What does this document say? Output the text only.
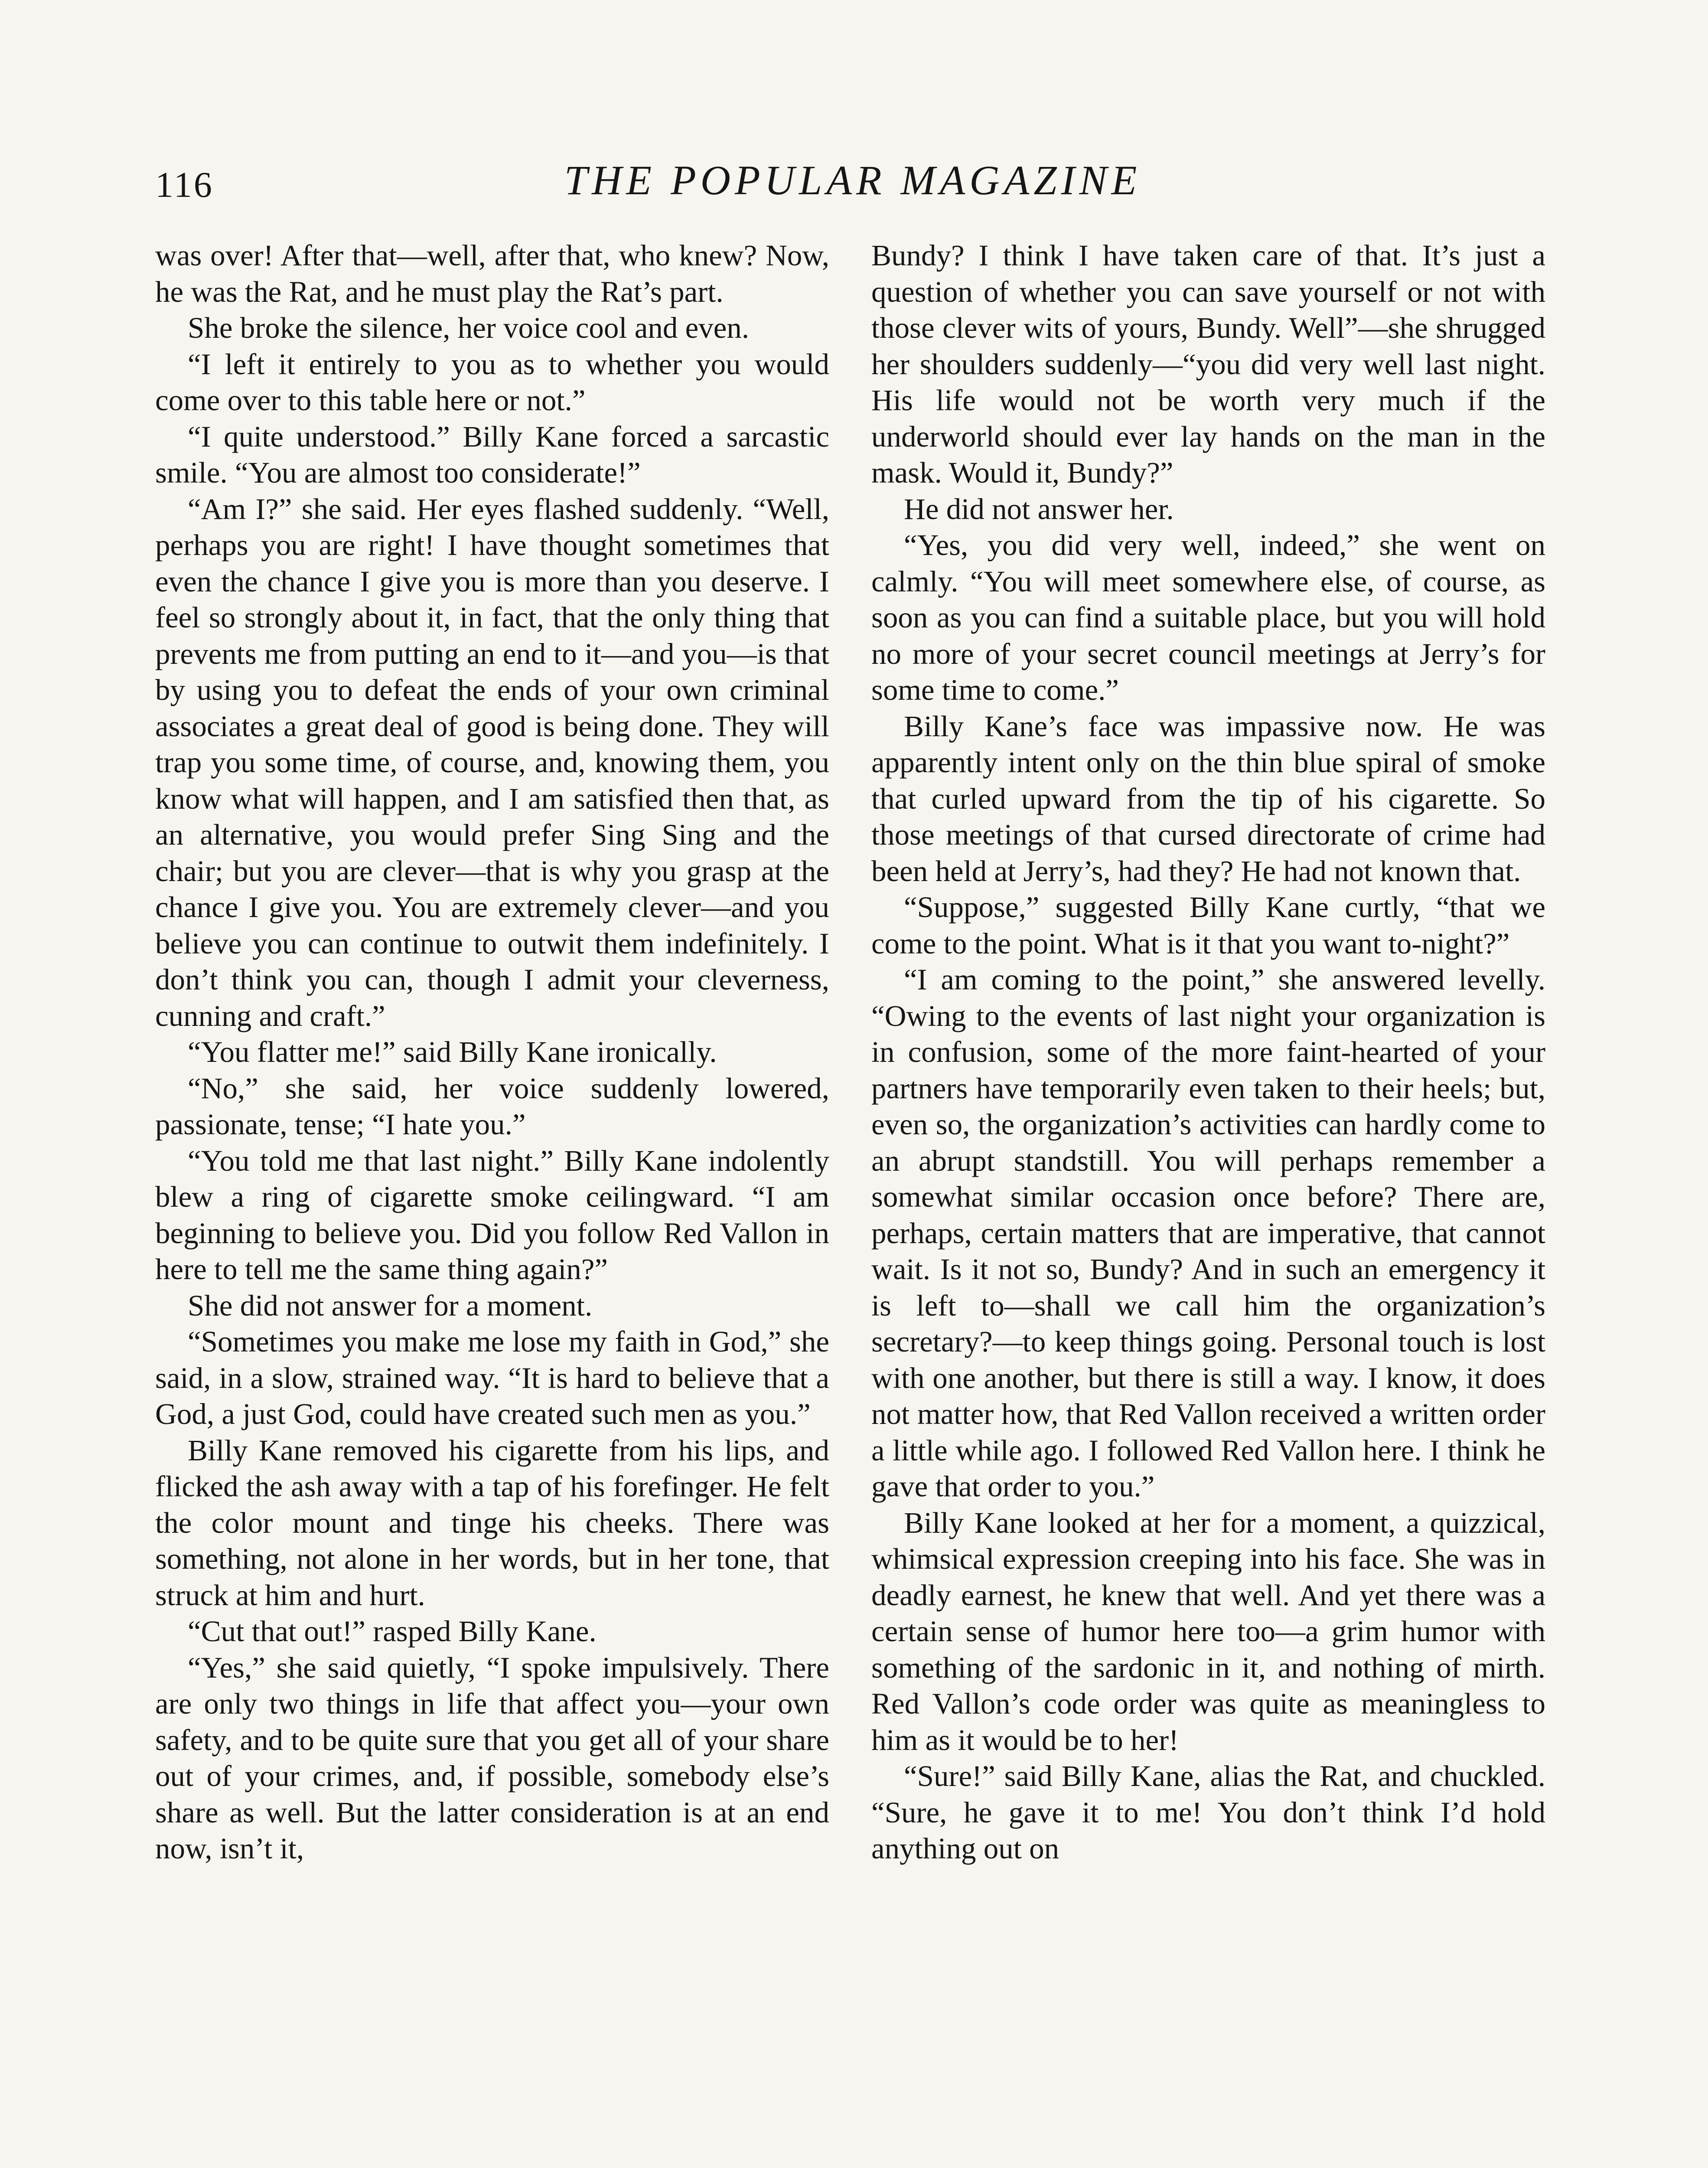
116	THE POPULAR MAGAZINE

was over! After that—well, after that, who knew? Now, he was the Rat, and he must play the Rat’s part.

She broke the silence, her voice cool and even.

“I left it entirely to you as to whether you would come over to this table here or not.”

“I quite understood.” Billy Kane forced a sarcastic smile. “You are almost too considerate!”

“Am I?” she said. Her eyes flashed suddenly. “Well, perhaps you are right! I have thought sometimes that even the chance I give you is more than you deserve. I feel so strongly about it, in fact, that the only thing that prevents me from putting an end to it—and you—is that by using you to defeat the ends of your own criminal associates a great deal of good is being done. They will trap you some time, of course, and, knowing them, you know what will happen, and I am satisfied then that, as an alternative, you would prefer Sing Sing and the chair; but you are clever—that is why you grasp at the chance I give you. You are extremely clever—and you believe you can continue to outwit them indefinitely. I don’t think you can, though I admit your cleverness, cunning and craft.”

“You flatter me!” said Billy Kane ironically.

“No,” she said, her voice suddenly lowered, passionate, tense; “I hate you.”

“You told me that last night.” Billy Kane indolently blew a ring of cigarette smoke ceilingward. “I am beginning to believe you. Did you follow Red Vallon in here to tell me the same thing again?”

She did not answer for a moment.

“Sometimes you make me lose my faith in God,” she said, in a slow, strained way. “It is hard to believe that a God, a just God, could have created such men as you.”

Billy Kane removed his cigarette from his lips, and flicked the ash away with a tap of his forefinger. He felt the color mount and tinge his cheeks. There was something, not alone in her words, but in her tone, that struck at him and hurt.

“Cut that out!” rasped Billy Kane.

“Yes,” she said quietly, “I spoke impulsively. There are only two things in life that affect you—your own safety, and to be quite sure that you get all of your share out of your crimes, and, if possible, somebody else’s share as well. But the latter consideration is at an end now, isn’t it,

Bundy? I think I have taken care of that. It’s just a question of whether you can save yourself or not with those clever wits of yours, Bundy. Well”—she shrugged her shoulders suddenly—“you did very well last night. His life would not be worth very much if the underworld should ever lay hands on the man in the mask. Would it, Bundy?”

He did not answer her.

“Yes, you did very well, indeed,” she went on calmly. “You will meet somewhere else, of course, as soon as you can find a suitable place, but you will hold no more of your secret council meetings at Jerry’s for some time to come.”

Billy Kane’s face was impassive now. He was apparently intent only on the thin blue spiral of smoke that curled upward from the tip of his cigarette. So those meetings of that cursed directorate of crime had been held at Jerry’s, had they? He had not known that.

“Suppose,” suggested Billy Kane curtly, “that we come to the point. What is it that you want to-night?”

“I am coming to the point,” she answered levelly. “Owing to the events of last night your organization is in confusion, some of the more faint-hearted of your partners have temporarily even taken to their heels; but, even so, the organization’s activities can hardly come to an abrupt standstill. You will perhaps remember a somewhat similar occasion once before? There are, perhaps, certain matters that are imperative, that cannot wait. Is it not so, Bundy? And in such an emergency it is left to—shall we call him the organization’s secretary?—to keep things going. Personal touch is lost with one another, but there is still a way. I know, it does not matter how, that Red Vallon received a written order a little while ago. I followed Red Vallon here. I think he gave that order to you.”

Billy Kane looked at her for a moment, a quizzical, whimsical expression creeping into his face. She was in deadly earnest, he knew that well. And yet there was a certain sense of humor here too—a grim humor with something of the sardonic in it, and nothing of mirth. Red Vallon’s code order was quite as meaningless to him as it would be to her!

“Sure!” said Billy Kane, alias the Rat, and chuckled. “Sure, he gave it to me! You don’t think I’d hold anything out on
